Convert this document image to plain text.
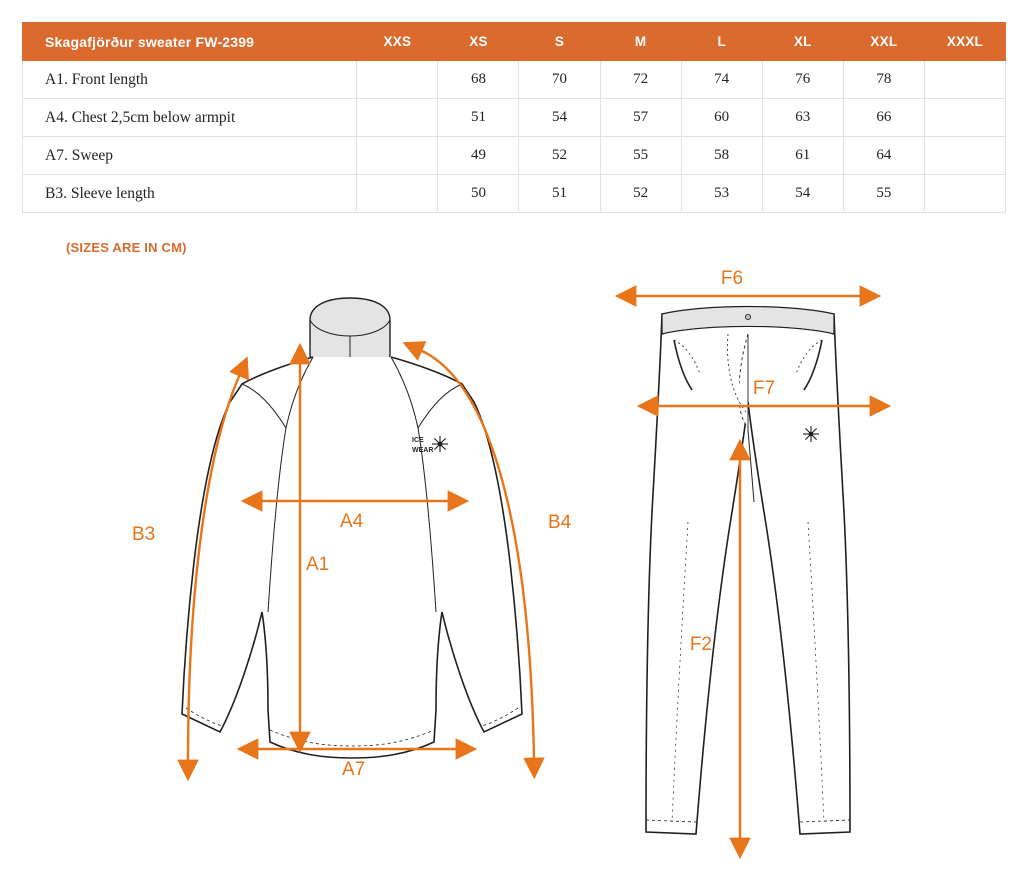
Skagafjörður sweater FW-2399	XXS	XS	S	M	L	XL	XXL	XXXL
A1. Front length		68	70	72	74	76	78	
A4. Chest 2,5cm below armpit		51	54	57	60	63	66	
A7. Sweep		49	52	55	58	61	64	
B3. Sleeve length		50	51	52	53	54	55	
(SIZES ARE IN CM)
ICE
WEAR
B3
B4
A4
A1
A7
F6
F7
F2
